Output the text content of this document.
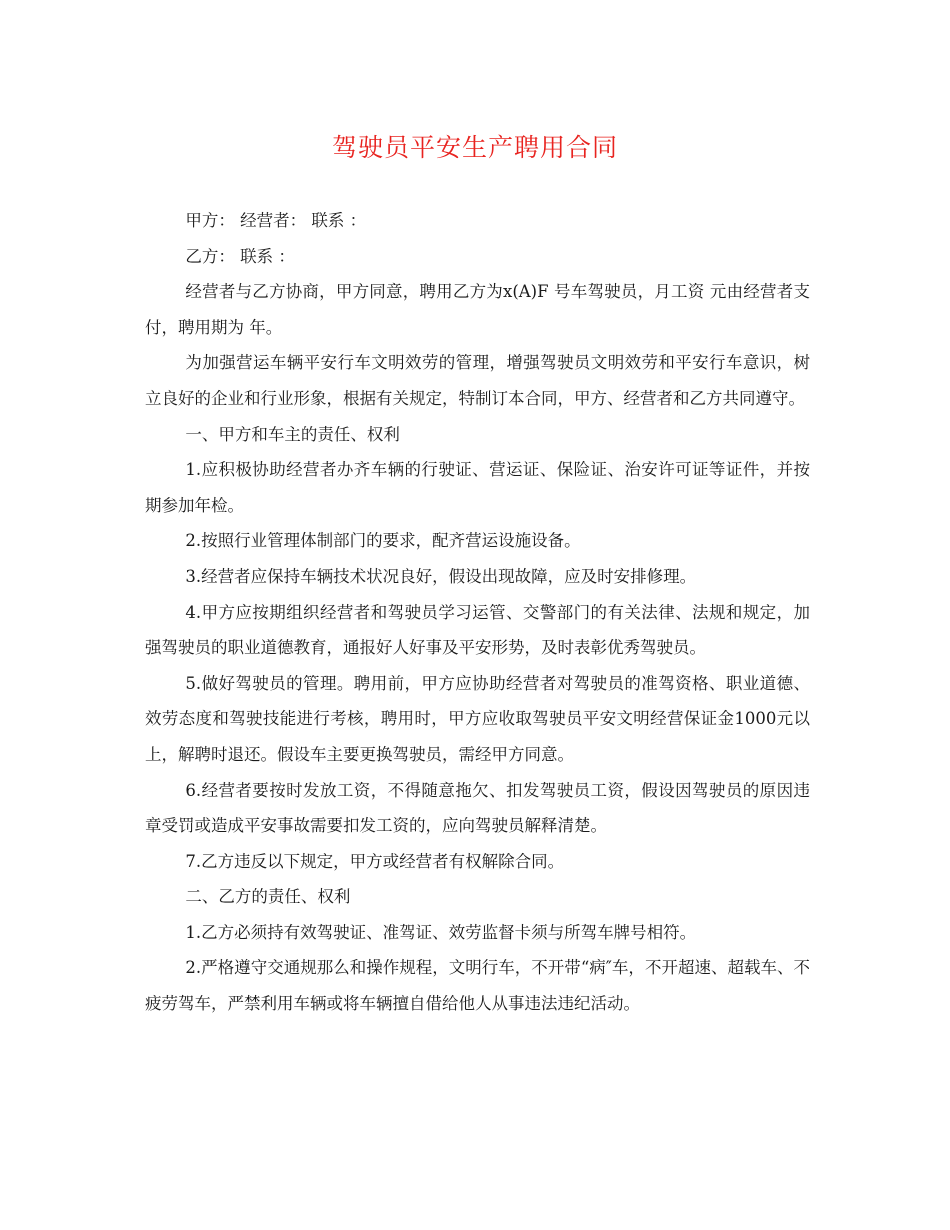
驾驶员平安生产聘用合同

甲方： 经营者： 联系 ：

乙方： 联系 ：

经营者与乙方协商，甲方同意，聘用乙方为x(A)F 号车驾驶员，月工资 元由经营者支付，聘用期为 年。

为加强营运车辆平安行车文明效劳的管理，增强驾驶员文明效劳和平安行车意识，树立良好的企业和行业形象，根据有关规定，特制订本合同，甲方、经营者和乙方共同遵守。

一、甲方和车主的责任、权利

1.应积极协助经营者办齐车辆的行驶证、营运证、保险证、治安许可证等证件，并按期参加年检。

2.按照行业管理体制部门的要求，配齐营运设施设备。

3.经营者应保持车辆技术状况良好，假设出现故障，应及时安排修理。

4.甲方应按期组织经营者和驾驶员学习运管、交警部门的有关法律、法规和规定，加强驾驶员的职业道德教育，通报好人好事及平安形势，及时表彰优秀驾驶员。

5.做好驾驶员的管理。聘用前，甲方应协助经营者对驾驶员的准驾资格、职业道德、效劳态度和驾驶技能进行考核，聘用时，甲方应收取驾驶员平安文明经营保证金1000元以上，解聘时退还。假设车主要更换驾驶员，需经甲方同意。

6.经营者要按时发放工资，不得随意拖欠、扣发驾驶员工资，假设因驾驶员的原因违章受罚或造成平安事故需要扣发工资的，应向驾驶员解释清楚。

7.乙方违反以下规定，甲方或经营者有权解除合同。

二、乙方的责任、权利

1.乙方必须持有效驾驶证、准驾证、效劳监督卡须与所驾车牌号相符。

2.严格遵守交通规那么和操作规程，文明行车，不开带“病″车，不开超速、超载车、不疲劳驾车，严禁利用车辆或将车辆擅自借给他人从事违法违纪活动。
